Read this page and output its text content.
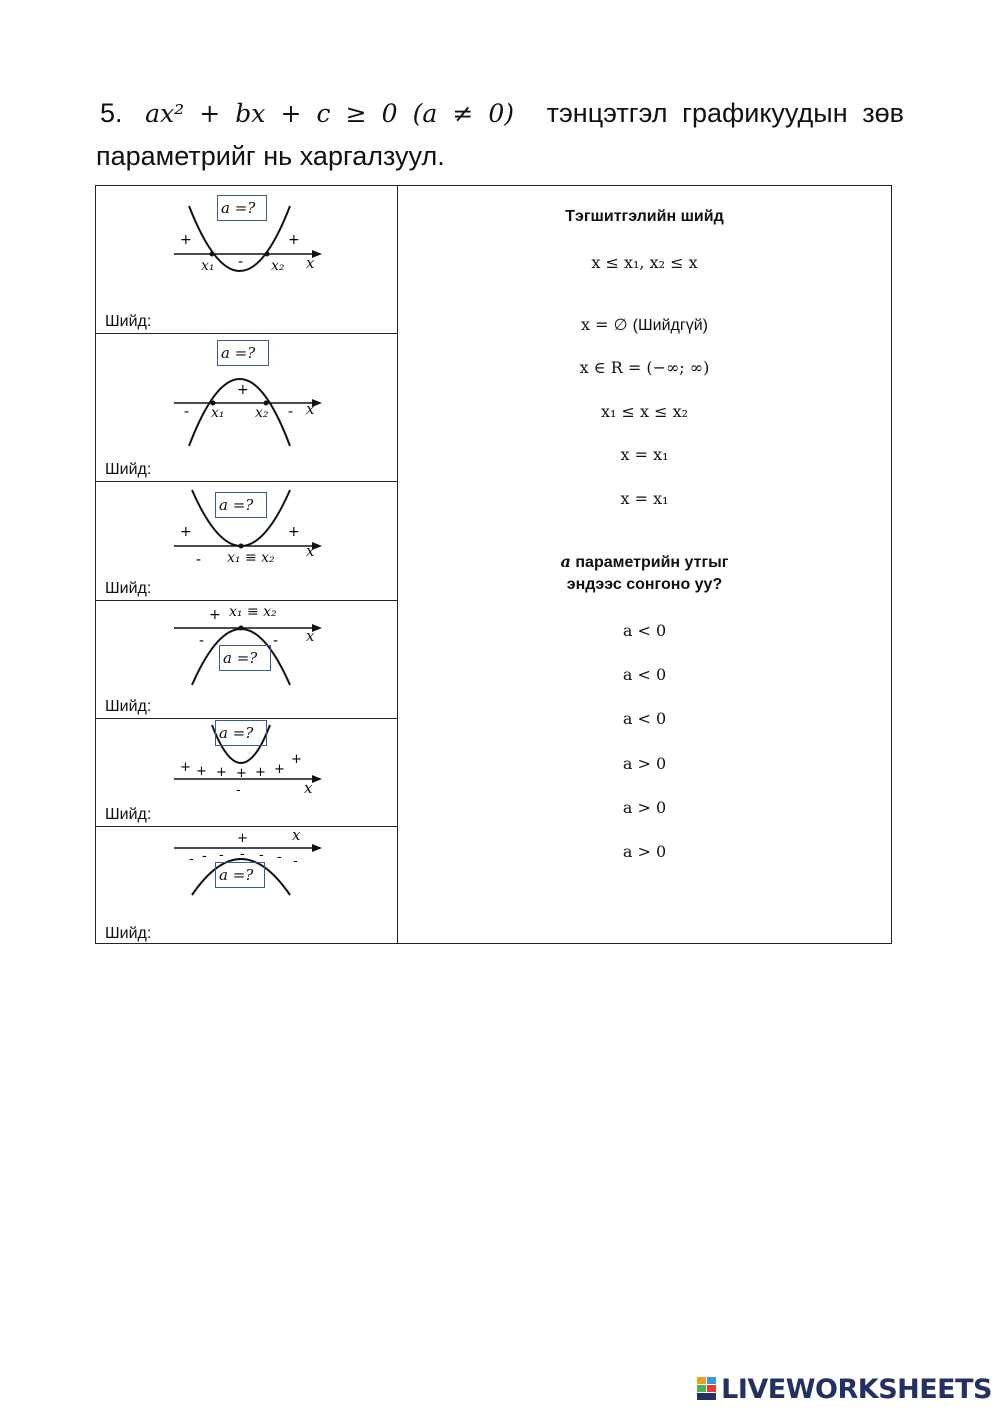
5. ax² + bx + c ≥ 0 (a ≠ 0) тэнцэтгэл графикуудын зөв параметрийг нь харгалзуул.
+	+
-
a =?
x₁	x₂ x
Шийд:
+
-	-
a =?
x₁ x₂ x
Шийд:
+	+
-
a =?
x₁ ≡ x₂ x
Шийд:
+
-	-
x₁ ≡ x₂
a =?
x
Шийд:
+ + + + + +
+
-
a =?
x
Шийд:
+
- - - - - - -
x
a =?
Шийд:
Тэгшитгэлийн шийд
x ≤ x₁, x₂ ≤ x
x = ∅ (Шийдгүй)
x ∈ R = (−∞; ∞)
x₁ ≤ x ≤ x₂
x = x₁
x = x₁
a параметрийн утгыг
эндээс сонгоно уу?
a < 0
a < 0
a < 0
a > 0
a > 0
a > 0
LIVEWORKSHEETS
